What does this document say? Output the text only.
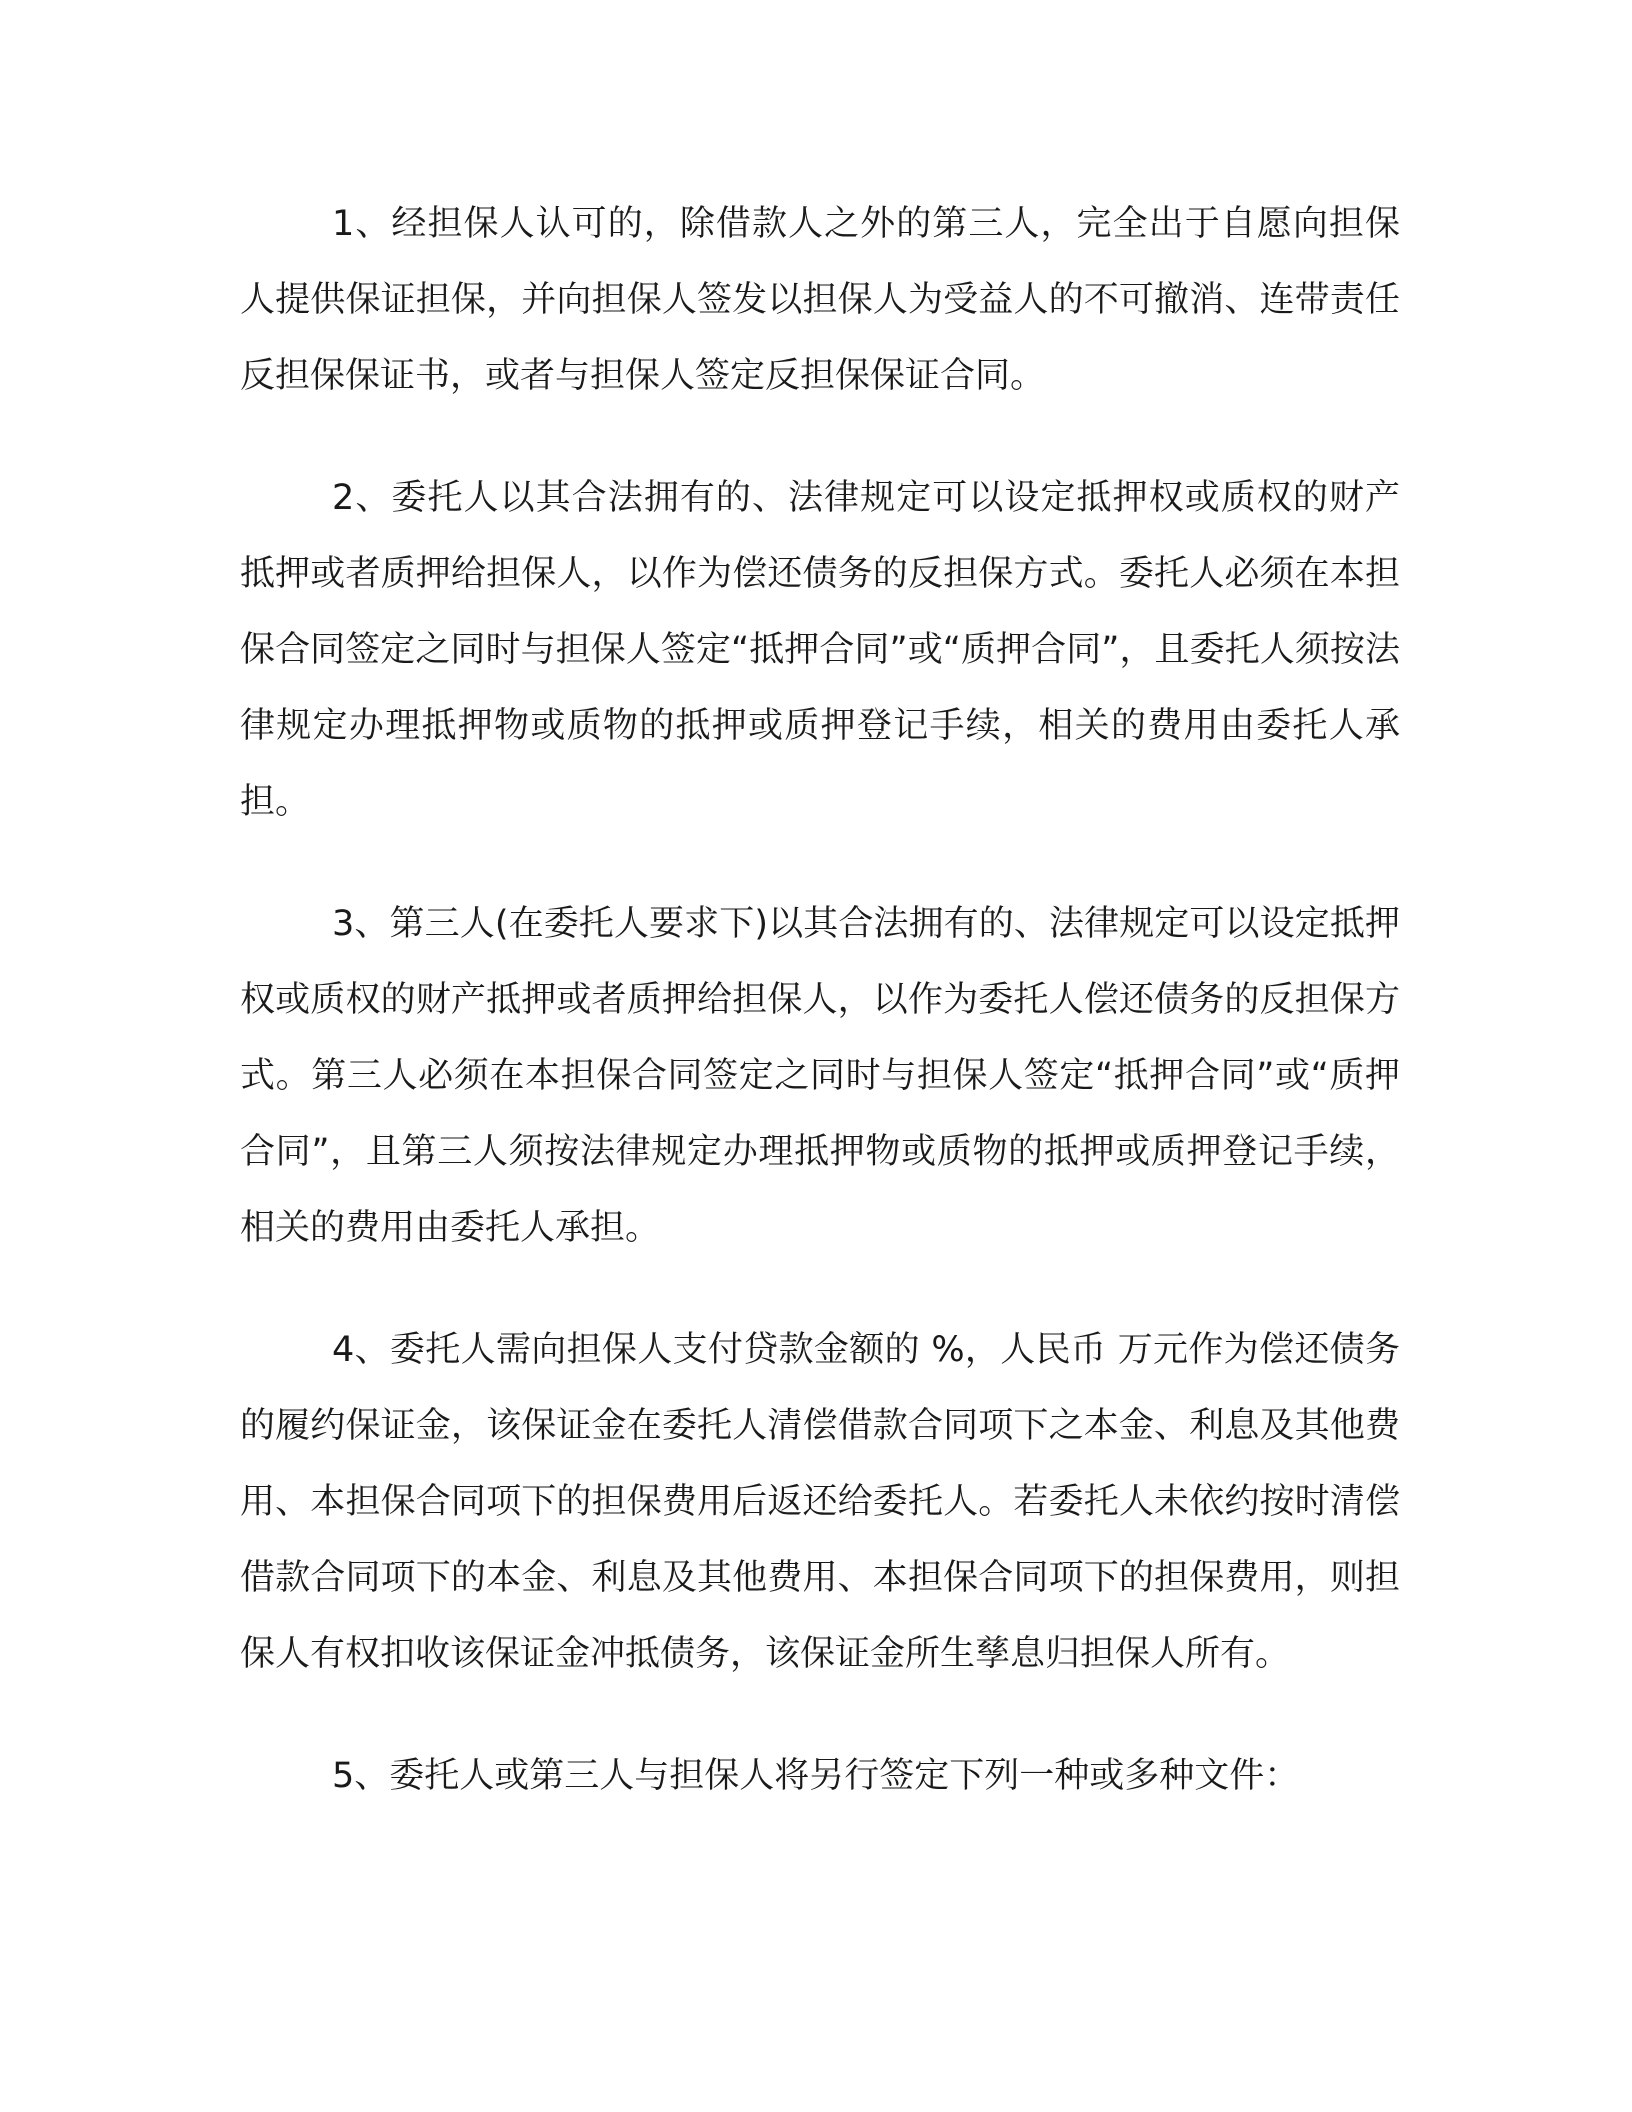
1、经担保人认可的，除借款人之外的第三人，完全出于自愿向担保人提供保证担保，并向担保人签发以担保人为受益人的不可撤消、连带责任反担保保证书，或者与担保人签定反担保保证合同。

2、委托人以其合法拥有的、法律规定可以设定抵押权或质权的财产抵押或者质押给担保人，以作为偿还债务的反担保方式。委托人必须在本担保合同签定之同时与担保人签定“抵押合同”或“质押合同”，且委托人须按法律规定办理抵押物或质物的抵押或质押登记手续，相关的费用由委托人承担。

3、第三人(在委托人要求下)以其合法拥有的、法律规定可以设定抵押权或质权的财产抵押或者质押给担保人，以作为委托人偿还债务的反担保方式。第三人必须在本担保合同签定之同时与担保人签定“抵押合同”或“质押合同”，且第三人须按法律规定办理抵押物或质物的抵押或质押登记手续，相关的费用由委托人承担。

4、委托人需向担保人支付贷款金额的 %，人民币 万元作为偿还债务的履约保证金，该保证金在委托人清偿借款合同项下之本金、利息及其他费用、本担保合同项下的担保费用后返还给委托人。若委托人未依约按时清偿借款合同项下的本金、利息及其他费用、本担保合同项下的担保费用，则担保人有权扣收该保证金冲抵债务，该保证金所生孳息归担保人所有。

5、委托人或第三人与担保人将另行签定下列一种或多种文件：
